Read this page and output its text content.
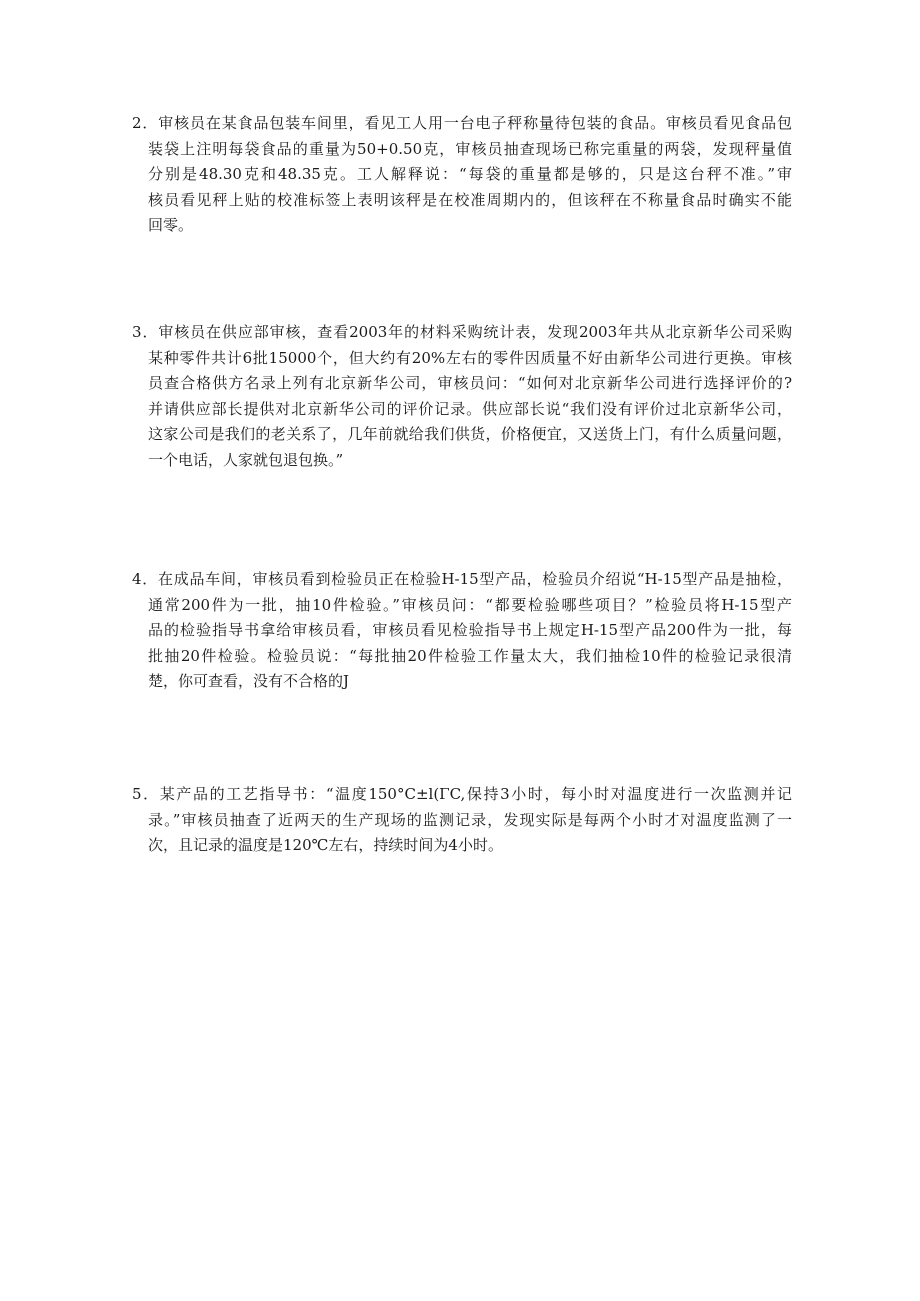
2．审核员在某食品包装车间里，看见工人用一台电子秤称量待包装的食品。审核员看见食品包
装袋上注明每袋食品的重量为50+0.50克，审核员抽查现场已称完重量的两袋，发现秤量值
分别是48.30克和48.35克。工人解释说：“每袋的重量都是够的，只是这台秤不准。”审
核员看见秤上贴的校准标签上表明该秤是在校准周期内的，但该秤在不称量食品时确实不能
回零。
3．审核员在供应部审核，查看2003年的材料采购统计表，发现2003年共从北京新华公司采购
某种零件共计6批15000个，但大约有20%左右的零件因质量不好由新华公司进行更换。审核
员查合格供方名录上列有北京新华公司，审核员问：“如何对北京新华公司进行选择评价的?
并请供应部长提供对北京新华公司的评价记录。供应部长说“我们没有评价过北京新华公司，
这家公司是我们的老关系了，几年前就给我们供货，价格便宜，又送货上门，有什么质量问题，
一个电话，人家就包退包换。”
4．在成品车间，审核员看到检验员正在检验H-15型产品，检验员介绍说“H-15型产品是抽检，
通常200件为一批，抽10件检验。”审核员问：“都要检验哪些项目？”检验员将H-15型产
品的检验指导书拿给审核员看，审核员看见检验指导书上规定H-15型产品200件为一批，每
批抽20件检验。检验员说：“每批抽20件检验工作量太大，我们抽检10件的检验记录很清
楚，你可查看，没有不合格的J
5．某产品的工艺指导书：“温度150°C±l(ΓC,保持3小时，每小时对温度进行一次监测并记
录。”审核员抽查了近两天的生产现场的监测记录，发现实际是每两个小时才对温度监测了一
次，且记录的温度是120℃左右，持续时间为4小时。
